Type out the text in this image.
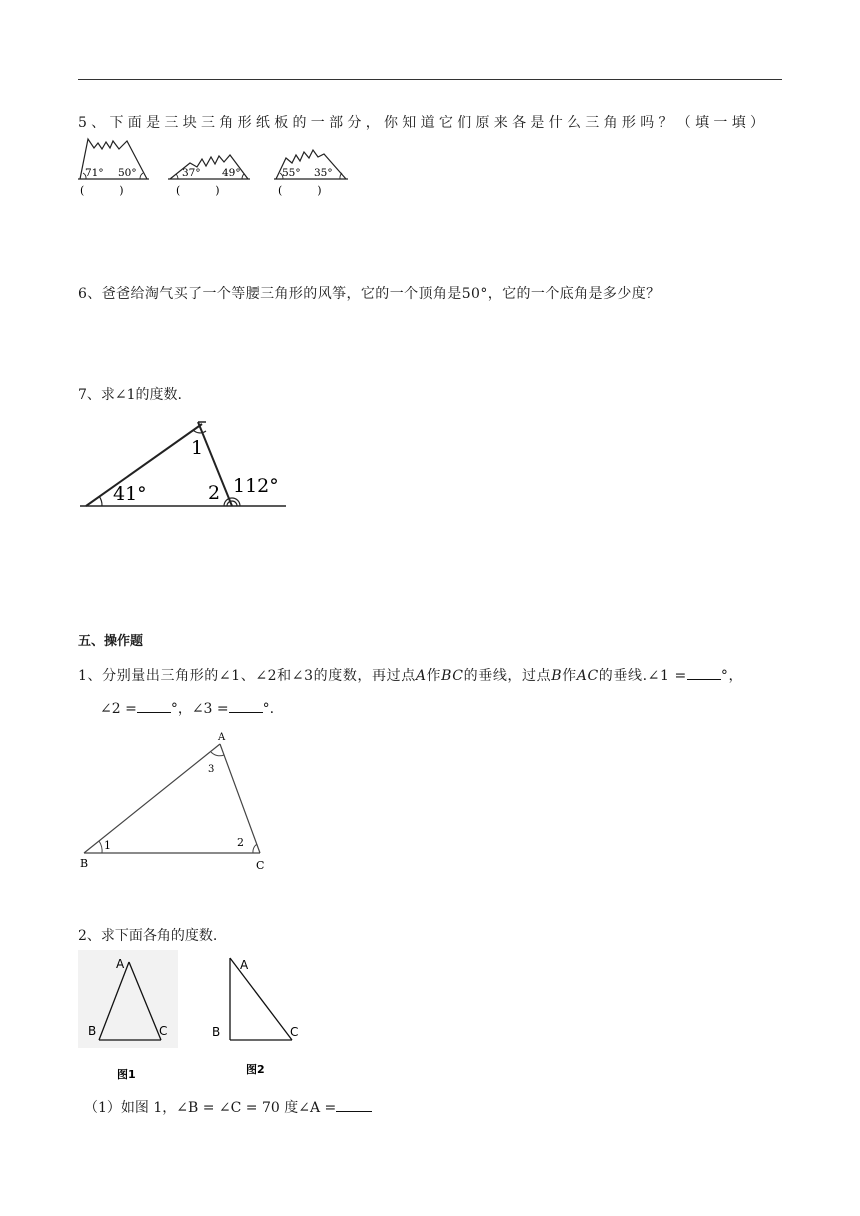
5、下面是三块三角形纸板的一部分，你知道它们原来各是什么三角形吗？（填一填）
71° 50°
(          )
37° 49°
(          )
55° 35°
(          )
6、爸爸给淘气买了一个等腰三角形的风筝，它的一个顶角是50°，它的一个底角是多少度？
7、求∠1的度数.
41°
1
2 112°
五、操作题
1、分别量出三角形的∠1、∠2和∠3的度数，再过点A作BC的垂线，过点B作AC的垂线.∠1 = °，
∠2 = °，∠3 = °.
A
B	C
1	2
3
2、求下面各角的度数.
A
B	C
图1
A
B	C
图2
（1）如图 1，∠B = ∠C = 70 度∠A =
